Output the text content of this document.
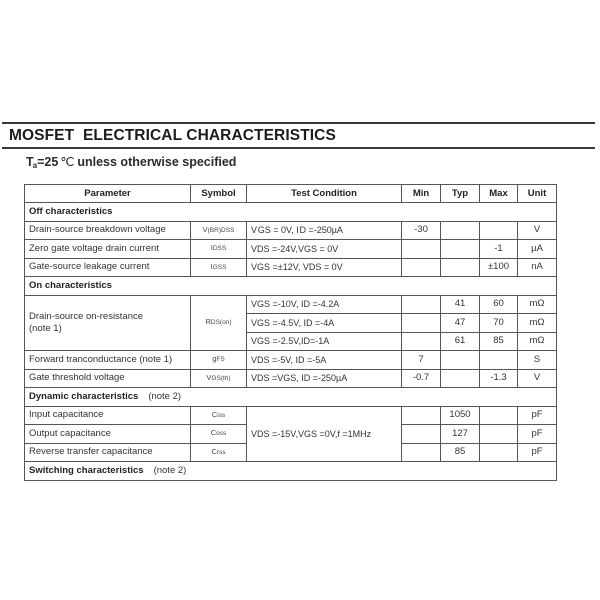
MOSFET  ELECTRICAL CHARACTERISTICS
Ta=25 ℃ unless otherwise specified
Parameter	Symbol	Test Condition	Min	Typ	Max	Unit
Off characteristics						
Drain-source breakdown voltage	V(BR)DSS	V GS = 0V, I D =-250µA	-30			V
Zero gate voltage drain current	IDSS	VDS =-24V,VGS = 0V			-1	µA
Gate-source leakage current	IGSS	VGS =±12V, VDS = 0V			±100	nA
On characteristics						
Drain-source on-resistance
(note 1)	RDS(on)	VGS =-10V, ID =-4.2A		41	60	mΩ
		VGS =-4.5V, ID =-4A		47	70	mΩ
		VGS =-2.5V,ID=-1A		61	85	mΩ
Forward tranconductance (note 1)	gFS	VDS =-5V, ID =-5A	7			S
Gate threshold voltage	VGS(th)	VDS =VGS, ID =-250µA	-0.7		-1.3	V
Dynamic characteristics (note 2)						
Input capacitance	Ciss	VDS =-15V,VGS =0V,f =1MHz		1050		pF
Output capacitance	Coss			127		pF
Reverse transfer capacitance	Crss			85		pF
Switching characteristics (note 2)						
